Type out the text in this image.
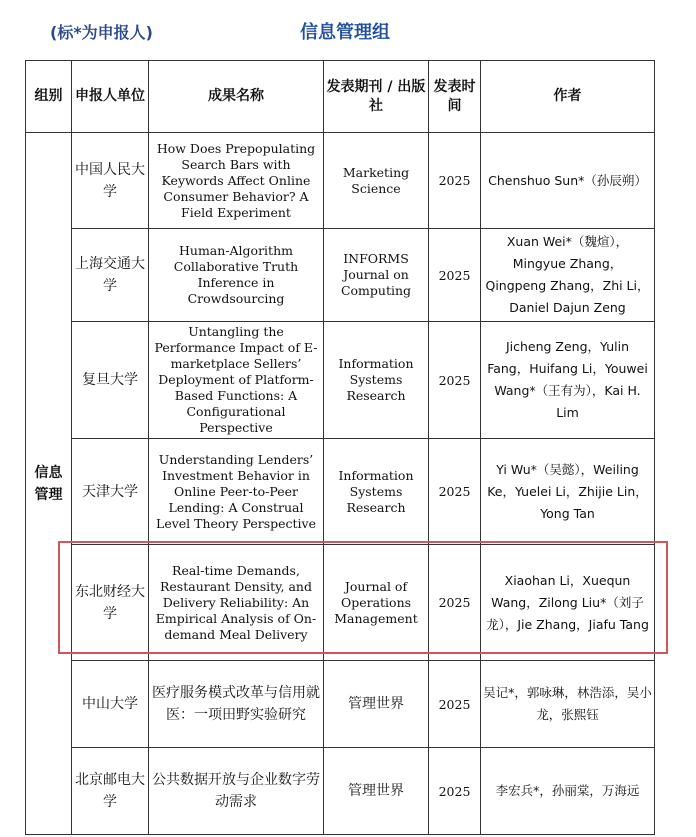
(标*为申报人)	信息管理组
组别	申报人单位	成果名称	发表期刊 / 出版社	发表时间	作者
信息管理	中国人民大学	How Does Prepopulating Search Bars with Keywords Affect Online Consumer Behavior? A Field Experiment	Marketing Science	2025	Chenshuo Sun*（孙辰朔）
	上海交通大学	Human-Algorithm Collaborative Truth Inference in Crowdsourcing	INFORMS Journal on Computing	2025	Xuan Wei*（魏煊），Mingyue Zhang，Qingpeng Zhang，Zhi Li，Daniel Dajun Zeng
	复旦大学	Untangling the Performance Impact of E-marketplace Sellers’ Deployment of Platform-Based Functions: A Configurational Perspective	Information Systems Research	2025	Jicheng Zeng，Yulin Fang，Huifang Li，Youwei Wang*（王有为），Kai H. Lim
	天津大学	Understanding Lenders’ Investment Behavior in Online Peer-to-Peer Lending: A Construal Level Theory Perspective	Information Systems Research	2025	Yi Wu*（吴懿），Weiling Ke，Yuelei Li，Zhijie Lin，Yong Tan
	东北财经大学	Real-time Demands, Restaurant Density, and Delivery Reliability: An Empirical Analysis of On-demand Meal Delivery	Journal of Operations Management	2025	Xiaohan Li，Xuequn Wang，Zilong Liu*（刘子龙），Jie Zhang，Jiafu Tang
	中山大学	医疗服务模式改革与信用就医：一项田野实验研究	管理世界	2025	吴记*，郭咏琳，林浩添，吴小龙，张熙钰
	北京邮电大学	公共数据开放与企业数字劳动需求	管理世界	2025	李宏兵*，孙丽棠，万海远
